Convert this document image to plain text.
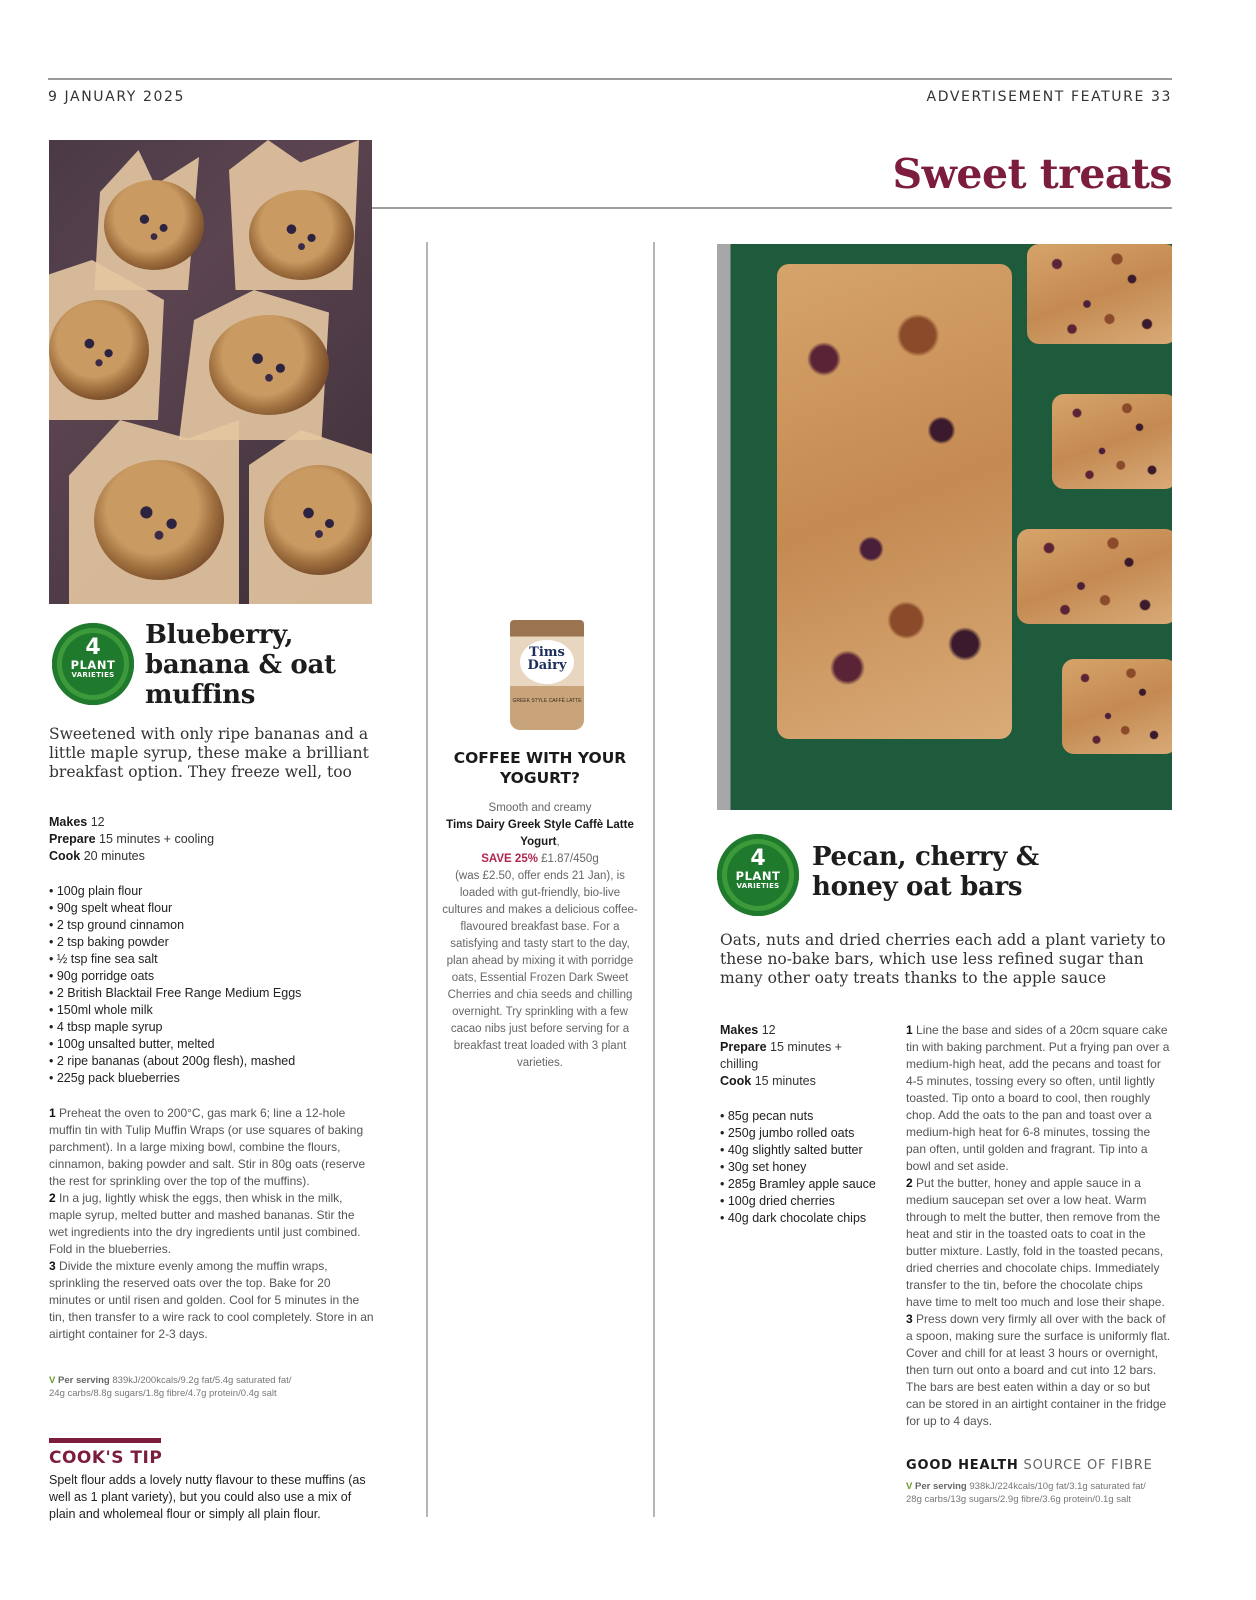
9 JANUARY 2025	ADVERTISEMENT FEATURE 33
Sweet treats
4
PLANT
VARIETIES
Blueberry, banana & oat muffins

Sweetened with only ripe bananas and a little maple syrup, these make a brilliant breakfast option. They freeze well, too

Makes 12
Prepare 15 minutes + cooling
Cook 20 minutes
• 100g plain flour
• 90g spelt wheat flour
• 2 tsp ground cinnamon
• 2 tsp baking powder
• ½ tsp fine sea salt
• 90g porridge oats
• 2 British Blacktail Free Range Medium Eggs
• 150ml whole milk
• 4 tbsp maple syrup
• 100g unsalted butter, melted
• 2 ripe bananas (about 200g flesh), mashed
• 225g pack blueberries

1 Preheat the oven to 200°C, gas mark 6; line a 12-hole muffin tin with Tulip Muffin Wraps (or use squares of baking parchment). In a large mixing bowl, combine the flours, cinnamon, baking powder and salt. Stir in 80g oats (reserve the rest for sprinkling over the top of the muffins).

2 In a jug, lightly whisk the eggs, then whisk in the milk, maple syrup, melted butter and mashed bananas. Stir the wet ingredients into the dry ingredients until just combined. Fold in the blueberries.

3 Divide the mixture evenly among the muffin wraps, sprinkling the reserved oats over the top. Bake for 20 minutes or until risen and golden. Cool for 5 minutes in the tin, then transfer to a wire rack to cool completely. Store in an airtight container for 2-3 days.

V Per serving 839kJ/200kcals/9.2g fat/5.4g saturated fat/
24g carbs/8.8g sugars/1.8g fibre/4.7g protein/0.4g salt
COOK'S TIP

Spelt flour adds a lovely nutty flavour to these muffins (as well as 1 plant variety), but you could also use a mix of plain and wholemeal flour or simply all plain flour.

Tims Dairy
GREEK STYLE CAFFÈ LATTE
COFFEE WITH YOUR YOGURT?
Smooth and creamy
Tims Dairy Greek Style Caffè Latte Yogurt,
SAVE 25% £1.87/450g
(was £2.50, offer ends 21 Jan), is loaded with gut-friendly, bio-live cultures and makes a delicious coffee-flavoured breakfast base. For a satisfying and tasty start to the day, plan ahead by mixing it with porridge oats, Essential Frozen Dark Sweet Cherries and chia seeds and chilling overnight. Try sprinkling with a few cacao nibs just before serving for a breakfast treat loaded with 3 plant varieties.
4
PLANT
VARIETIES
Pecan, cherry &
honey oat bars

Oats, nuts and dried cherries each add a plant variety to these no-bake bars, which use less refined sugar than many other oaty treats thanks to the apple sauce

Makes 12
Prepare 15 minutes + chilling
Cook 15 minutes
• 85g pecan nuts
• 250g jumbo rolled oats
• 40g slightly salted butter
• 30g set honey
• 285g Bramley apple sauce
• 100g dried cherries
• 40g dark chocolate chips

1 Line the base and sides of a 20cm square cake tin with baking parchment. Put a frying pan over a medium-high heat, add the pecans and toast for 4-5 minutes, tossing every so often, until lightly toasted. Tip onto a board to cool, then roughly chop. Add the oats to the pan and toast over a medium-high heat for 6-8 minutes, tossing the pan often, until golden and fragrant. Tip into a bowl and set aside.

2 Put the butter, honey and apple sauce in a medium saucepan set over a low heat. Warm through to melt the butter, then remove from the heat and stir in the toasted oats to coat in the butter mixture. Lastly, fold in the toasted pecans, dried cherries and chocolate chips. Immediately transfer to the tin, before the chocolate chips have time to melt too much and lose their shape.

3 Press down very firmly all over with the back of a spoon, making sure the surface is uniformly flat. Cover and chill for at least 3 hours or overnight, then turn out onto a board and cut into 12 bars. The bars are best eaten within a day or so but can be stored in an airtight container in the fridge for up to 4 days.

GOOD HEALTH SOURCE OF FIBRE
V Per serving 938kJ/224kcals/10g fat/3.1g saturated fat/
28g carbs/13g sugars/2.9g fibre/3.6g protein/0.1g salt
